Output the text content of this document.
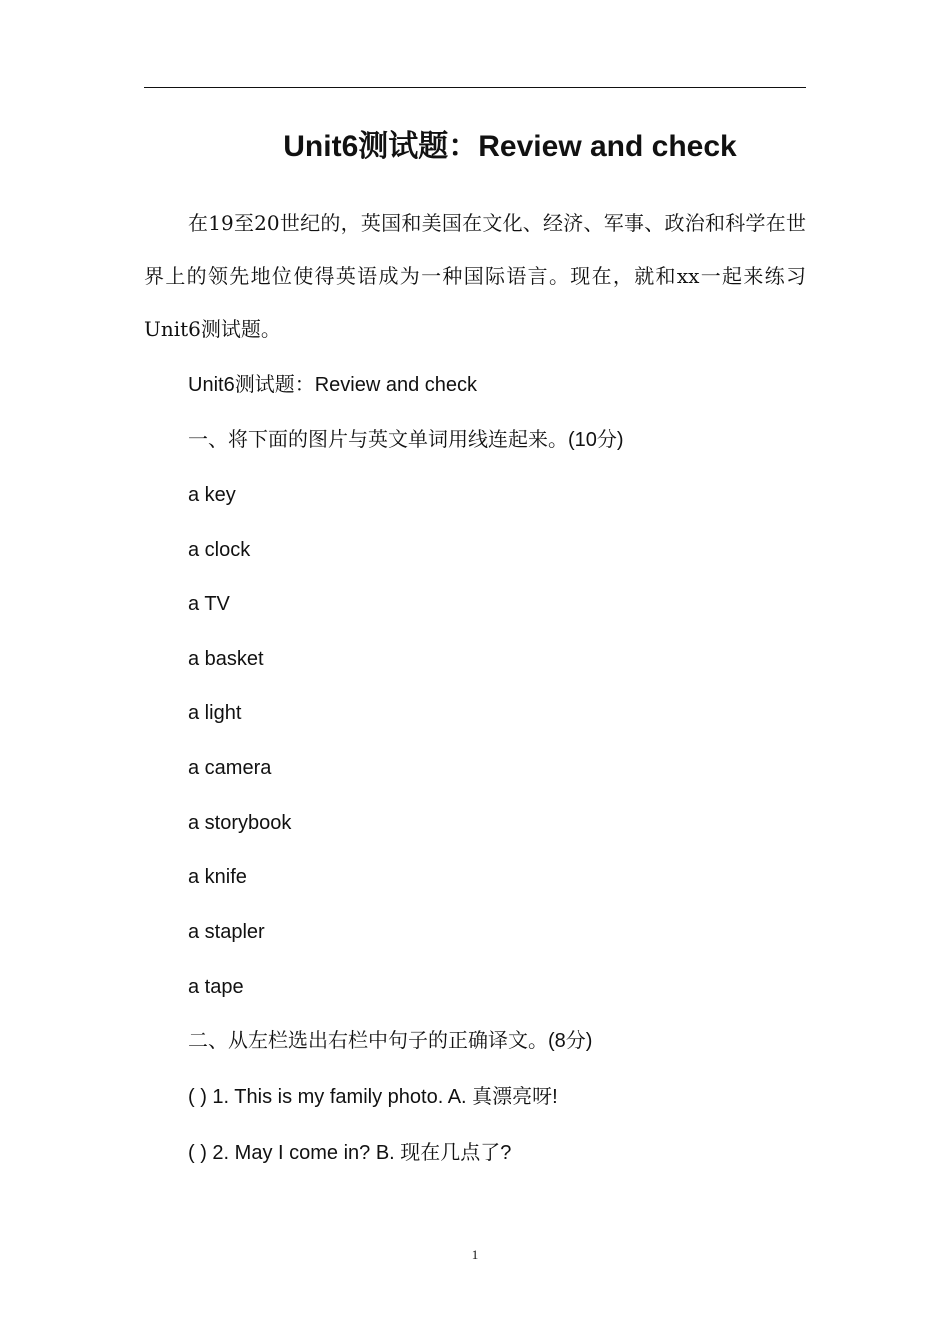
Unit6测试题：Review and check

在19至20世纪的，英国和美国在文化、经济、军事、政治和科学在世界上的领先地位使得英语成为一种国际语言。现在，就和xx一起来练习Unit6测试题。

Unit6测试题：Review and check

一、将下面的图片与英文单词用线连起来。(10分)

a key

a clock

a TV

a basket

a light

a camera

a storybook

a knife

a stapler

a tape

二、从左栏选出右栏中句子的正确译文。(8分)

( ) 1. This is my family photo. A. 真漂亮呀!

( ) 2. May I come in? B. 现在几点了?

1
